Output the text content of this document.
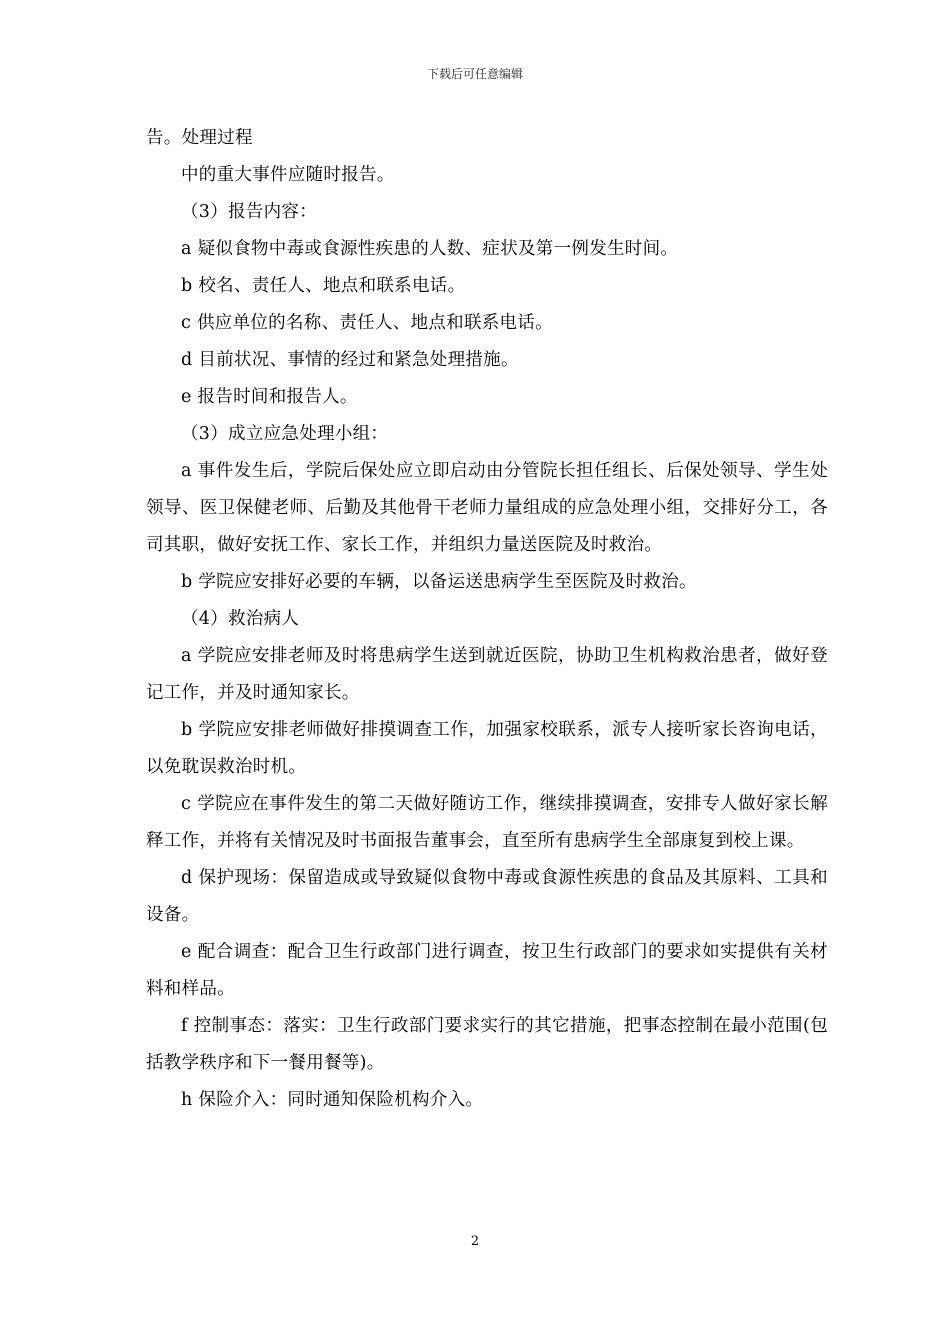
下载后可任意编辑

告。处理过程

中的重大事件应随时报告。

（3）报告内容：

a 疑似食物中毒或食源性疾患的人数、症状及第一例发生时间。

b 校名、责任人、地点和联系电话。

c 供应单位的名称、责任人、地点和联系电话。

d 目前状况、事情的经过和紧急处理措施。

e 报告时间和报告人。

（3）成立应急处理小组：

a 事件发生后，学院后保处应立即启动由分管院长担任组长、后保处领导、学生处领导、医卫保健老师、后勤及其他骨干老师力量组成的应急处理小组，交排好分工，各司其职，做好安抚工作、家长工作，并组织力量送医院及时救治。

b 学院应安排好必要的车辆，以备运送患病学生至医院及时救治。

（4）救治病人

a 学院应安排老师及时将患病学生送到就近医院，协助卫生机构救治患者，做好登记工作，并及时通知家长。

b 学院应安排老师做好排摸调查工作，加强家校联系，派专人接听家长咨询电话，以免耽误救治时机。

c 学院应在事件发生的第二天做好随访工作，继续排摸调查，安排专人做好家长解释工作，并将有关情况及时书面报告董事会，直至所有患病学生全部康复到校上课。

d 保护现场：保留造成或导致疑似食物中毒或食源性疾患的食品及其原料、工具和设备。

e 配合调查：配合卫生行政部门进行调查，按卫生行政部门的要求如实提供有关材料和样品。

f 控制事态：落实：卫生行政部门要求实行的其它措施，把事态控制在最小范围(包括教学秩序和下一餐用餐等)。

h 保险介入：同时通知保险机构介入。

2
